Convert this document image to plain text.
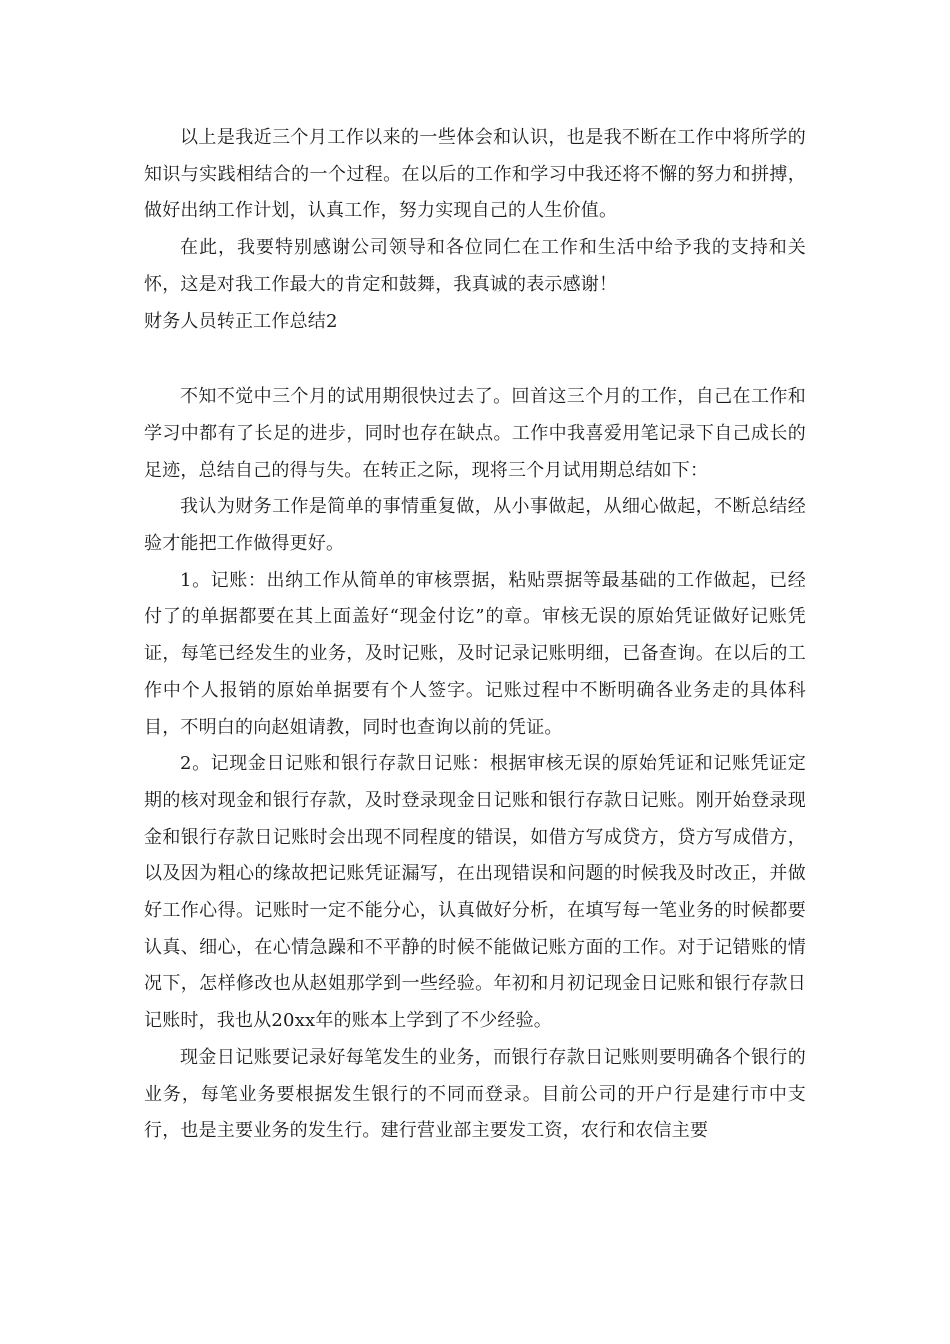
以上是我近三个月工作以来的一些体会和认识，也是我不断在工作中将所学的知识与实践相结合的一个过程。在以后的工作和学习中我还将不懈的努力和拼搏，做好出纳工作计划，认真工作，努力实现自己的人生价值。

在此，我要特别感谢公司领导和各位同仁在工作和生活中给予我的支持和关怀，这是对我工作最大的肯定和鼓舞，我真诚的表示感谢！

财务人员转正工作总结2

不知不觉中三个月的试用期很快过去了。回首这三个月的工作，自己在工作和学习中都有了长足的进步，同时也存在缺点。工作中我喜爱用笔记录下自己成长的足迹，总结自己的得与失。在转正之际，现将三个月试用期总结如下：

我认为财务工作是简单的事情重复做，从小事做起，从细心做起，不断总结经验才能把工作做得更好。

1。记账：出纳工作从简单的审核票据，粘贴票据等最基础的工作做起，已经付了的单据都要在其上面盖好“现金付讫”的章。审核无误的原始凭证做好记账凭证，每笔已经发生的业务，及时记账，及时记录记账明细，已备查询。在以后的工作中个人报销的原始单据要有个人签字。记账过程中不断明确各业务走的具体科目，不明白的向赵姐请教，同时也查询以前的凭证。

2。记现金日记账和银行存款日记账：根据审核无误的原始凭证和记账凭证定期的核对现金和银行存款，及时登录现金日记账和银行存款日记账。刚开始登录现金和银行存款日记账时会出现不同程度的错误，如借方写成贷方，贷方写成借方，以及因为粗心的缘故把记账凭证漏写，在出现错误和问题的时候我及时改正，并做好工作心得。记账时一定不能分心，认真做好分析，在填写每一笔业务的时候都要认真、细心，在心情急躁和不平静的时候不能做记账方面的工作。对于记错账的情况下，怎样修改也从赵姐那学到一些经验。年初和月初记现金日记账和银行存款日记账时，我也从20xx年的账本上学到了不少经验。

现金日记账要记录好每笔发生的业务，而银行存款日记账则要明确各个银行的业务，每笔业务要根据发生银行的不同而登录。目前公司的开户行是建行市中支行，也是主要业务的发生行。建行营业部主要发工资，农行和农信主要
